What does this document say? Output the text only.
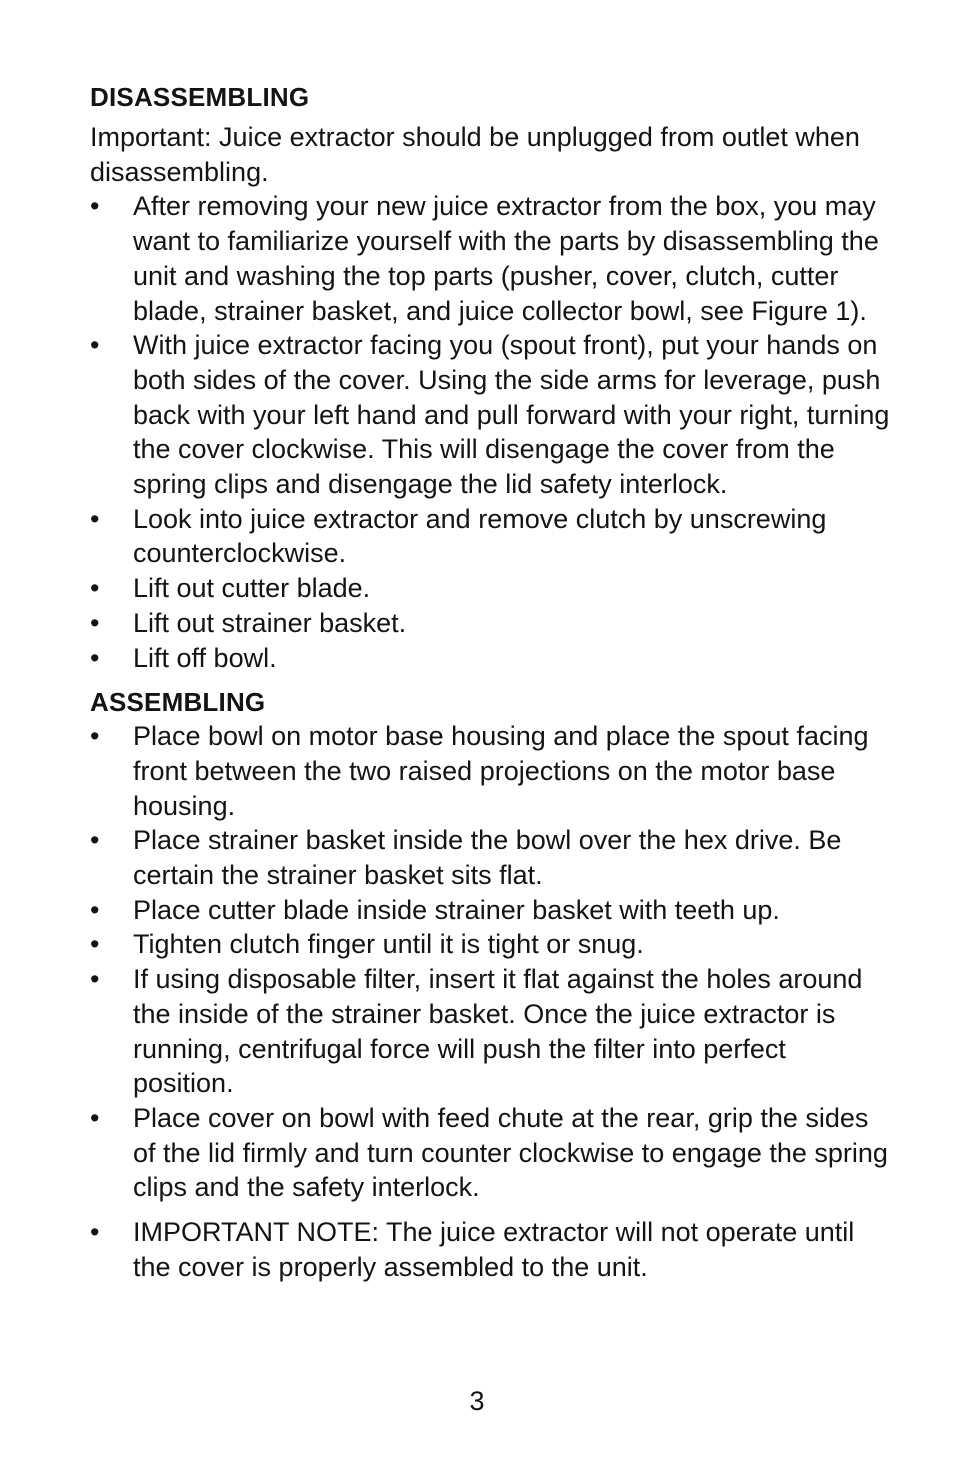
DISASSEMBLING

Important: Juice extractor should be unplugged from outlet when disassembling.

• After removing your new juice extractor from the box, you may want to familiarize yourself with the parts by disassembling the unit and washing the top parts (pusher, cover, clutch, cutter blade, strainer basket, and juice collector bowl, see Figure 1).
• With juice extractor facing you (spout front), put your hands on both sides of the cover. Using the side arms for leverage, push back with your left hand and pull forward with your right, turning the cover clockwise. This will disengage the cover from the spring clips and disengage the lid safety interlock.
• Look into juice extractor and remove clutch by unscrewing counterclockwise.
• Lift out cutter blade.
• Lift out strainer basket.
• Lift off bowl.
ASSEMBLING
• Place bowl on motor base housing and place the spout facing front between the two raised projections on the motor base housing.
• Place strainer basket inside the bowl over the hex drive. Be certain the strainer basket sits flat.
• Place cutter blade inside strainer basket with teeth up.
• Tighten clutch finger until it is tight or snug.
• If using disposable filter, insert it flat against the holes around the inside of the strainer basket. Once the juice extractor is running, centrifugal force will push the filter into perfect position.
• Place cover on bowl with feed chute at the rear, grip the sides of the lid firmly and turn counter clockwise to engage the spring clips and the safety interlock.
• IMPORTANT NOTE: The juice extractor will not operate until the cover is properly assembled to the unit.
3
